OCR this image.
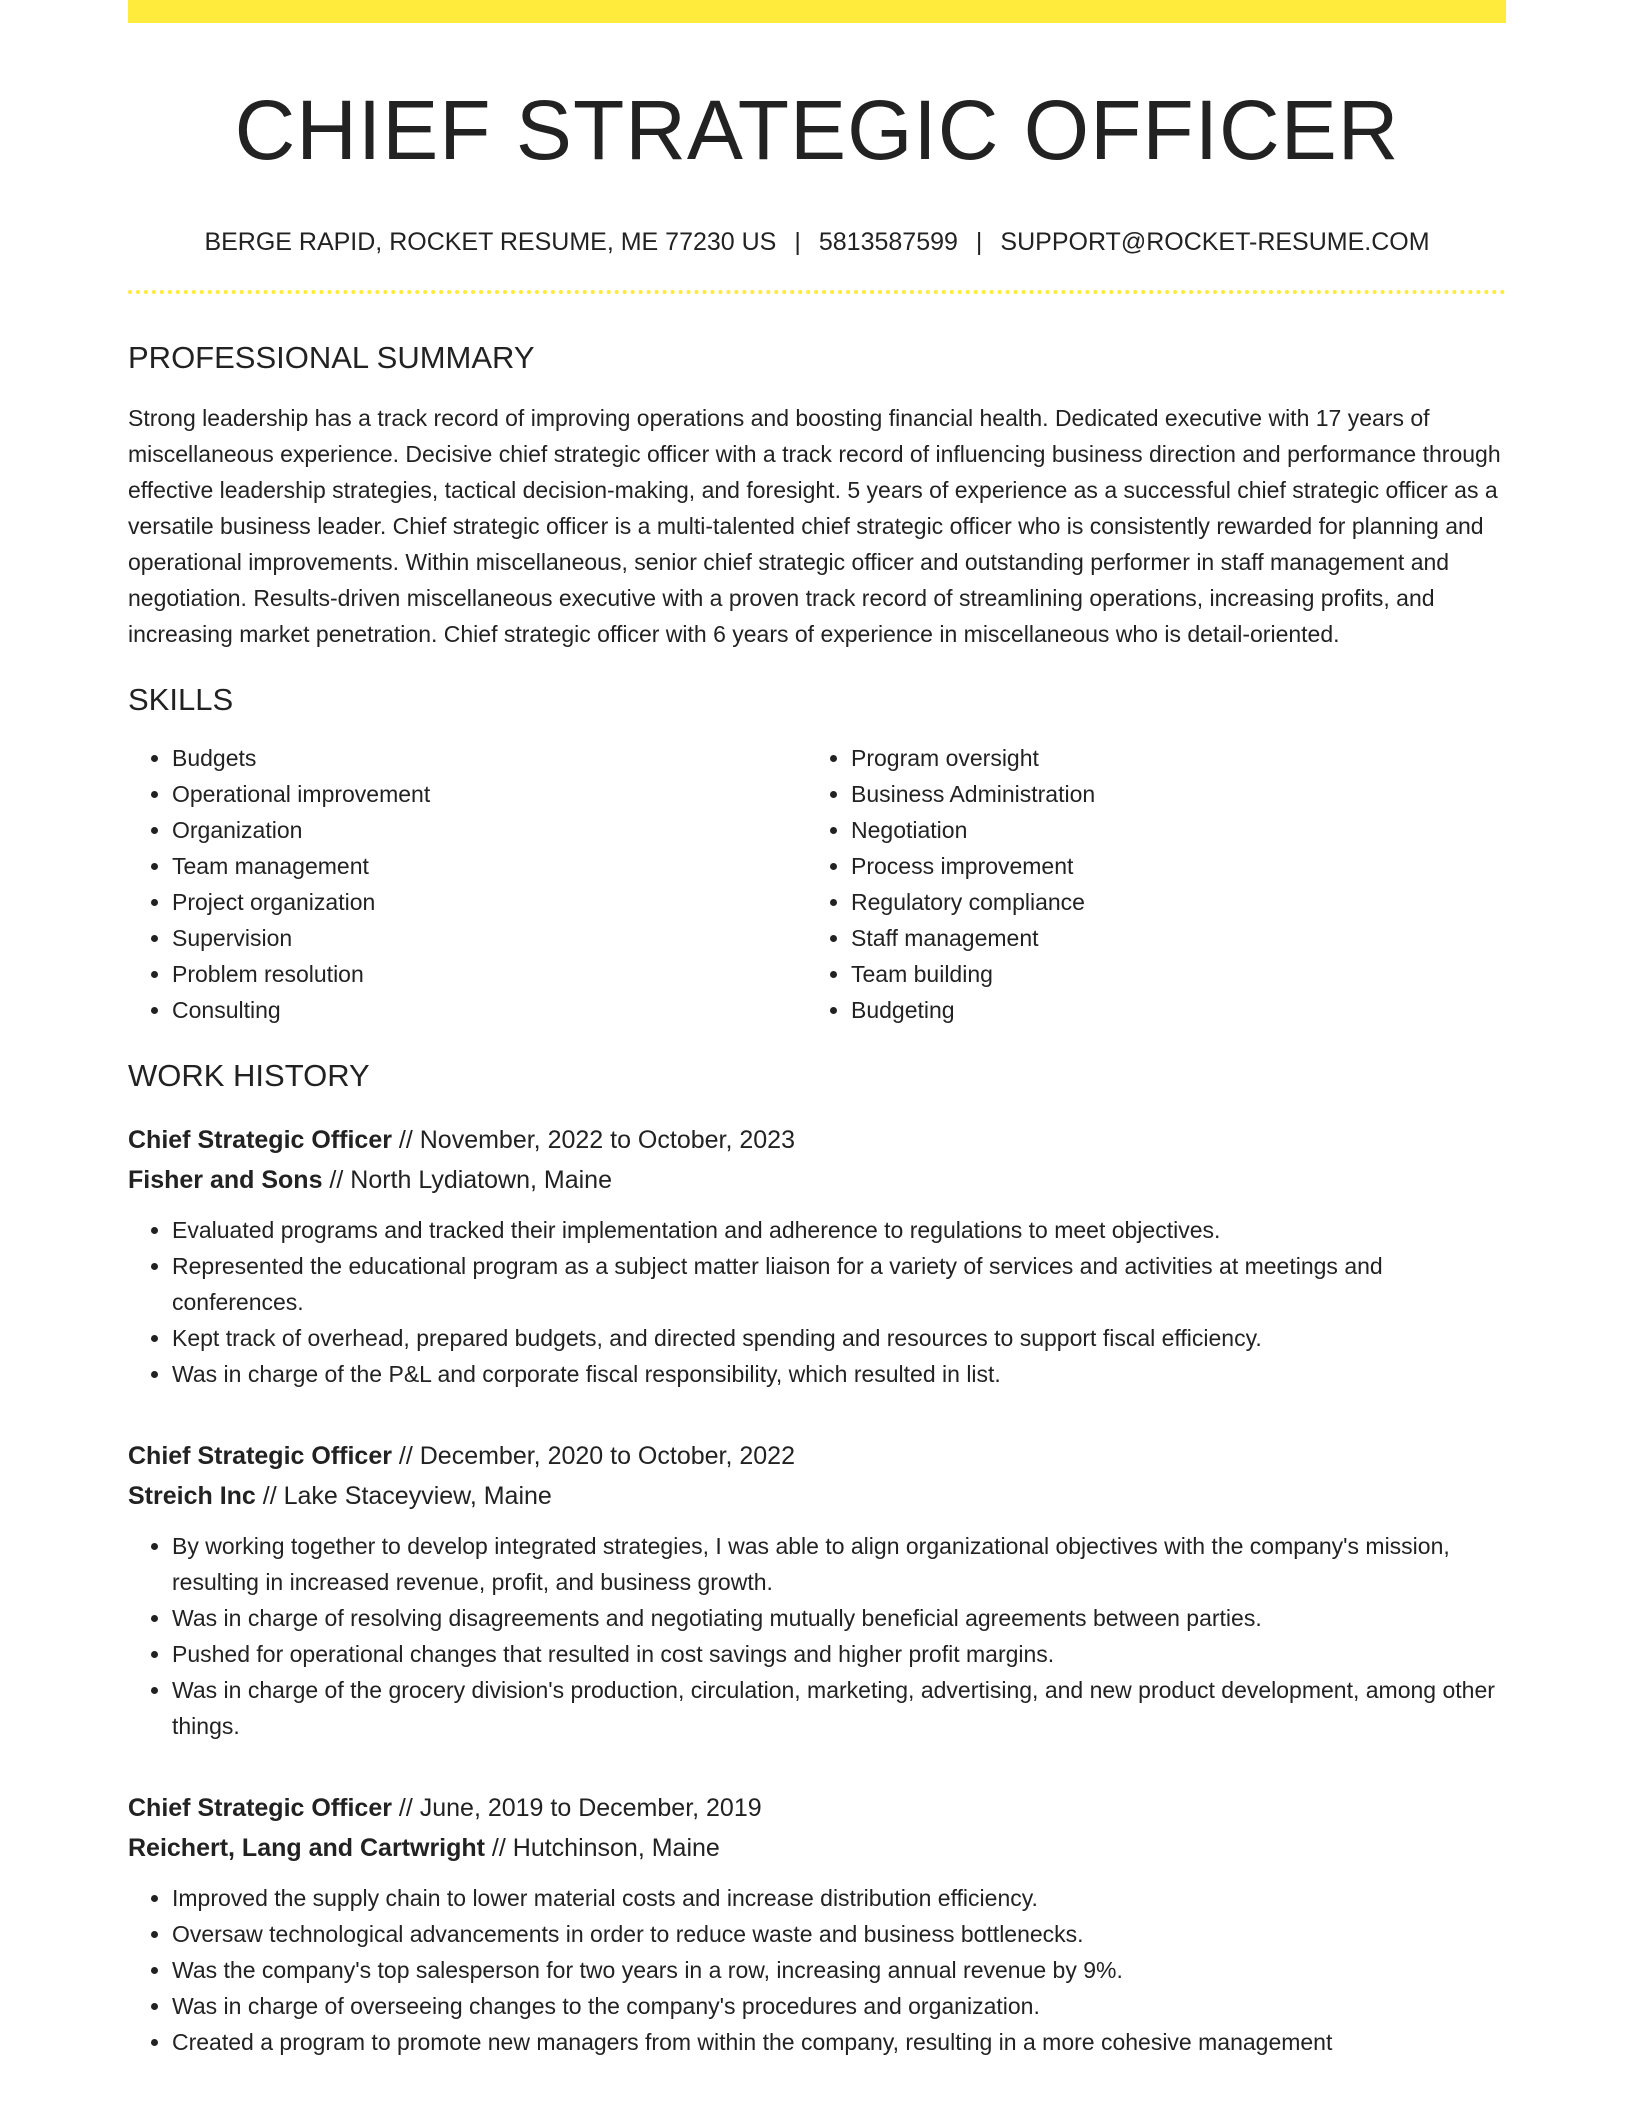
CHIEF STRATEGIC OFFICER
BERGE RAPID, ROCKET RESUME, ME 77230 US | 5813587599 | SUPPORT@ROCKET-RESUME.COM
PROFESSIONAL SUMMARY

Strong leadership has a track record of improving operations and boosting financial health. Dedicated executive with 17 years of miscellaneous experience. Decisive chief strategic officer with a track record of influencing business direction and performance through effective leadership strategies, tactical decision-making, and foresight. 5 years of experience as a successful chief strategic officer as a versatile business leader. Chief strategic officer is a multi-talented chief strategic officer who is consistently rewarded for planning and operational improvements. Within miscellaneous, senior chief strategic officer and outstanding performer in staff management and negotiation. Results-driven miscellaneous executive with a proven track record of streamlining operations, increasing profits, and increasing market penetration. Chief strategic officer with 6 years of experience in miscellaneous who is detail-oriented.

SKILLS
• Budgets
• Operational improvement
• Organization
• Team management
• Project organization
• Supervision
• Problem resolution
• Consulting
• Program oversight
• Business Administration
• Negotiation
• Process improvement
• Regulatory compliance
• Staff management
• Team building
• Budgeting
WORK HISTORY
Chief Strategic Officer // November, 2022 to October, 2023
Fisher and Sons // North Lydiatown, Maine
• Evaluated programs and tracked their implementation and adherence to regulations to meet objectives.
• Represented the educational program as a subject matter liaison for a variety of services and activities at meetings and conferences.
• Kept track of overhead, prepared budgets, and directed spending and resources to support fiscal efficiency.
• Was in charge of the P&L and corporate fiscal responsibility, which resulted in list.
Chief Strategic Officer // December, 2020 to October, 2022
Streich Inc // Lake Staceyview, Maine
• By working together to develop integrated strategies, I was able to align organizational objectives with the company's mission, resulting in increased revenue, profit, and business growth.
• Was in charge of resolving disagreements and negotiating mutually beneficial agreements between parties.
• Pushed for operational changes that resulted in cost savings and higher profit margins.
• Was in charge of the grocery division's production, circulation, marketing, advertising, and new product development, among other things.
Chief Strategic Officer // June, 2019 to December, 2019
Reichert, Lang and Cartwright // Hutchinson, Maine
• Improved the supply chain to lower material costs and increase distribution efficiency.
• Oversaw technological advancements in order to reduce waste and business bottlenecks.
• Was the company's top salesperson for two years in a row, increasing annual revenue by 9%.
• Was in charge of overseeing changes to the company's procedures and organization.
• Created a program to promote new managers from within the company, resulting in a more cohesive management
